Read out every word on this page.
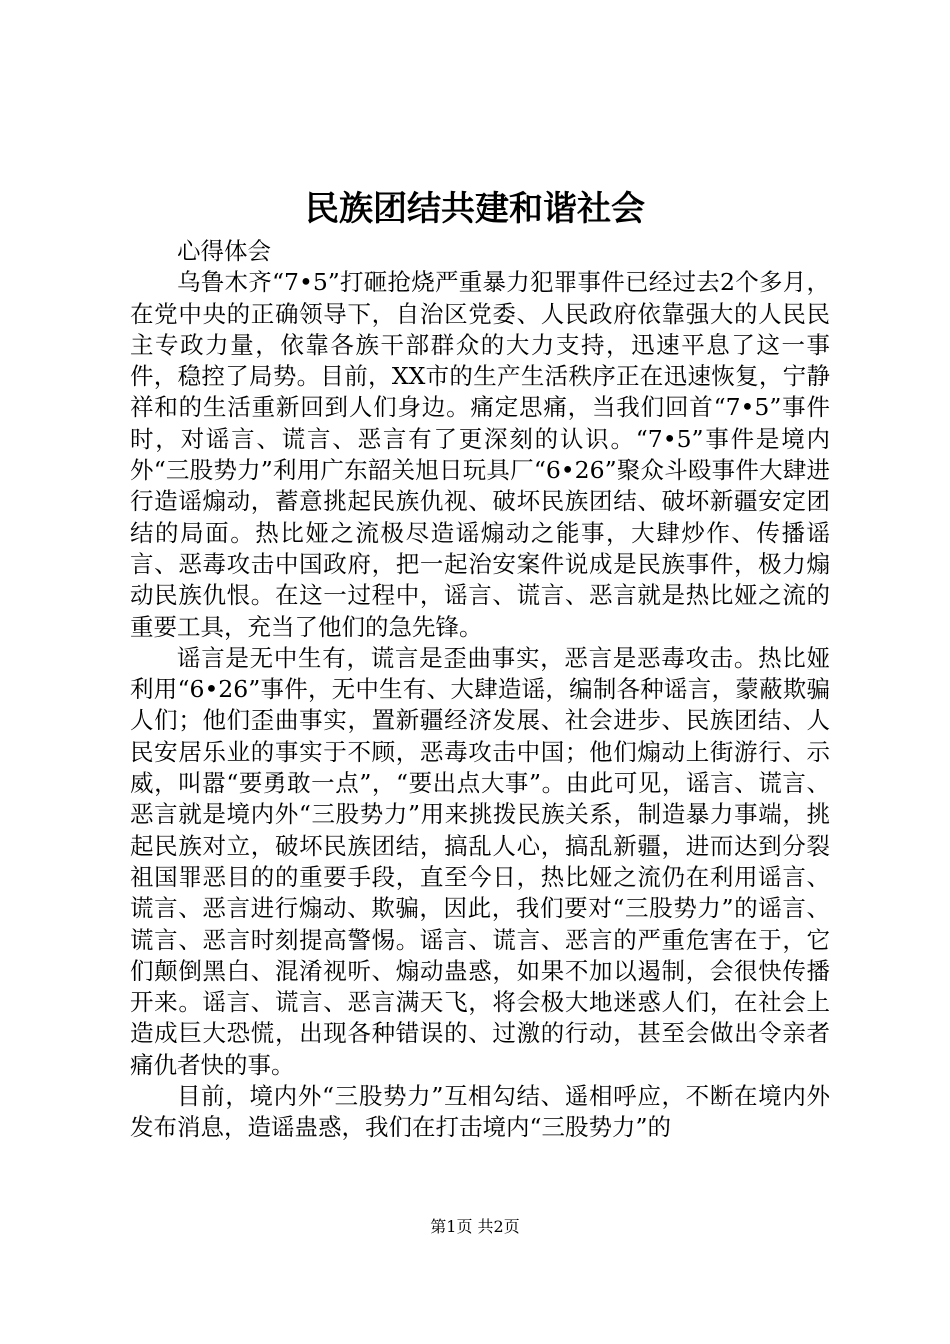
民族团结共建和谐社会

心得体会

乌鲁木齐“7•5”打砸抢烧严重暴力犯罪事件已经过去2个多月，在党中央的正确领导下，自治区党委、人民政府依靠强大的人民民主专政力量，依靠各族干部群众的大力支持，迅速平息了这一事件，稳控了局势。目前，XX市的生产生活秩序正在迅速恢复，宁静祥和的生活重新回到人们身边。痛定思痛，当我们回首“7•5”事件时，对谣言、谎言、恶言有了更深刻的认识。“7•5”事件是境内外“三股势力”利用广东韶关旭日玩具厂“6•26”聚众斗殴事件大肆进行造谣煽动，蓄意挑起民族仇视、破坏民族团结、破坏新疆安定团结的局面。热比娅之流极尽造谣煽动之能事，大肆炒作、传播谣言、恶毒攻击中国政府，把一起治安案件说成是民族事件，极力煽动民族仇恨。在这一过程中，谣言、谎言、恶言就是热比娅之流的重要工具，充当了他们的急先锋。

谣言是无中生有，谎言是歪曲事实，恶言是恶毒攻击。热比娅利用“6•26”事件，无中生有、大肆造谣，编制各种谣言，蒙蔽欺骗人们；他们歪曲事实，置新疆经济发展、社会进步、民族团结、人民安居乐业的事实于不顾，恶毒攻击中国；他们煽动上街游行、示威，叫嚣“要勇敢一点”，“要出点大事”。由此可见，谣言、谎言、恶言就是境内外“三股势力”用来挑拨民族关系，制造暴力事端，挑起民族对立，破坏民族团结，搞乱人心，搞乱新疆，进而达到分裂祖国罪恶目的的重要手段，直至今日，热比娅之流仍在利用谣言、谎言、恶言进行煽动、欺骗，因此，我们要对“三股势力”的谣言、谎言、恶言时刻提高警惕。谣言、谎言、恶言的严重危害在于，它们颠倒黑白、混淆视听、煽动蛊惑，如果不加以遏制，会很快传播开来。谣言、谎言、恶言满天飞，将会极大地迷惑人们，在社会上造成巨大恐慌，出现各种错误的、过激的行动，甚至会做出令亲者痛仇者快的事。

目前，境内外“三股势力”互相勾结、遥相呼应，不断在境内外发布消息，造谣蛊惑，我们在打击境内“三股势力”的

第1页 共2页
